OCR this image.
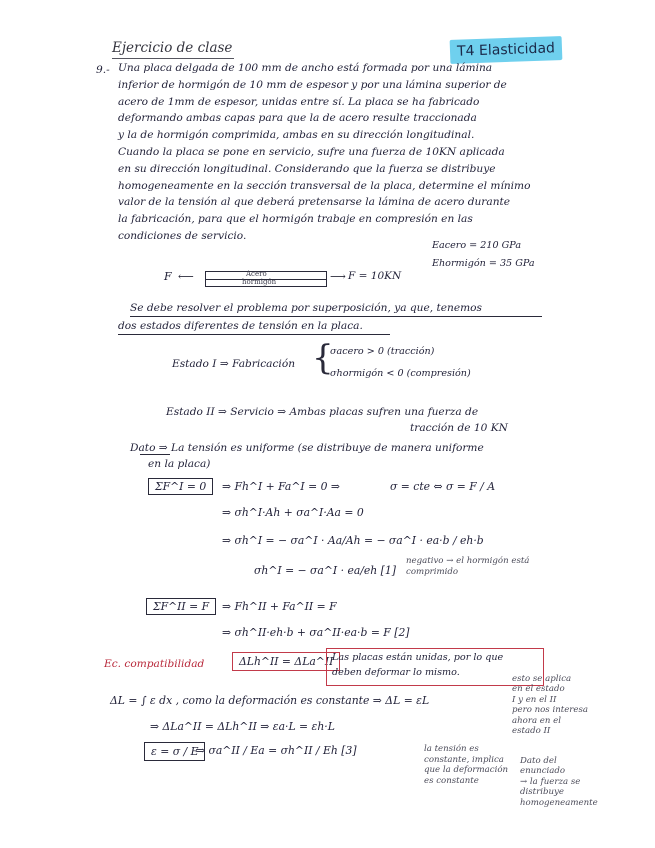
T4 Elasticidad
Ejercicio de clase
9.- Una placa delgada de 100 mm de ancho está formada por una lámina
inferior de hormigón de 10 mm de espesor y por una lámina superior de
acero de 1mm de espesor, unidas entre sí. La placa se ha fabricado
deformando ambas capas para que la de acero resulte traccionada
y la de hormigón comprimida, ambas en su dirección longitudinal.
Cuando la placa se pone en servicio, sufre una fuerza de 10KN aplicada
en su dirección longitudinal. Considerando que la fuerza se distribuye
homogeneamente en la sección transversal de la placa, determine el mínimo
valor de la tensión al que deberá pretensarse la lámina de acero durante
la fabricación, para que el hormigón trabaje en compresión en las
condiciones de servicio.
Eacero = 210 GPa
Ehormigón = 35 GPa
F ⟵	Acero
hormigón	⟶ F = 10KN
Se debe resolver el problema por superposición, ya que, tenemos
dos estados diferentes de tensión en la placa.
Estado I ⇒ Fabricación {
σacero > 0 (tracción)
σhormigón < 0 (compresión)
Estado II ⇒ Servicio ⇒ Ambas placas sufren una fuerza de
tracción de 10 KN
Dato ⇒ La tensión es uniforme (se distribuye de manera uniforme
en la placa)
ΣF^I = 0	⇒ Fh^I + Fa^I = 0 ⇒	σ = cte ⇔ σ = F / A
⇒ σh^I·Ah + σa^I·Aa = 0
⇒ σh^I = − σa^I · Aa/Ah = − σa^I · ea·b / eh·b
σh^I = − σa^I · ea/eh [1]
negativo → el hormigón está
comprimido
ΣF^II = F	⇒ Fh^II + Fa^II = F
⇒ σh^II·eh·b + σa^II·ea·b = F [2]
Ec. compatibilidad	ΔLh^II = ΔLa^II
Las placas están unidas, por lo que
deben deformar lo mismo.
ΔL = ∫ ε dx , como la deformación es constante ⇒ ΔL = εL
⇒ ΔLa^II = ΔLh^II ⇒ εa·L = εh·L
ε = σ / E
⇒ σa^II / Ea = σh^II / Eh [3]
esto se aplica
en el estado
I y en el II
pero nos interesa
ahora en el
estado II
la tensión es
constante, implica
que la deformación
es constante
Dato del
enunciado
→ la fuerza se
distribuye
homogeneamente
